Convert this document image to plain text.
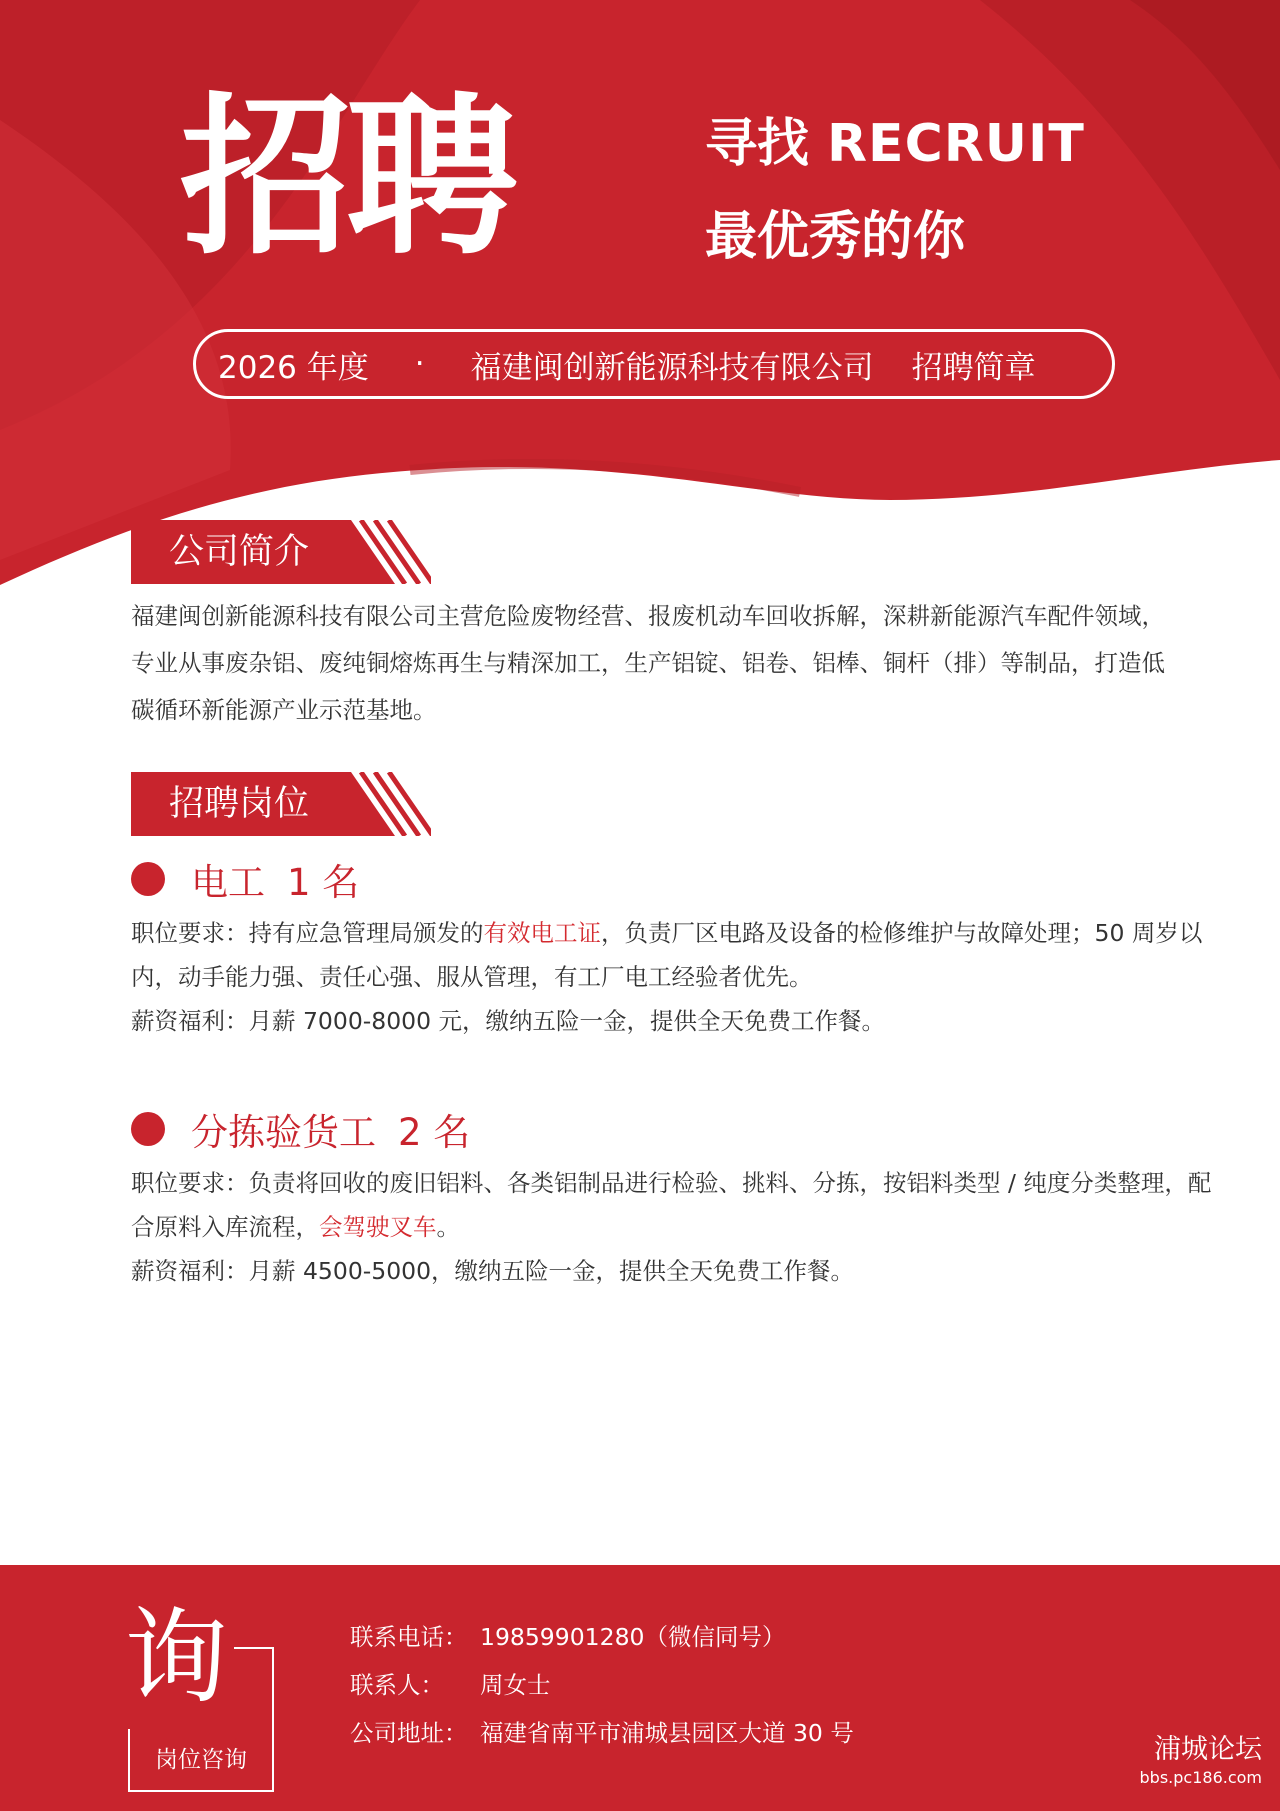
招聘	寻找 RECRUIT
最优秀的你
2026 年度 · 福建闽创新能源科技有限公司 招聘简章
公司简介
福建闽创新能源科技有限公司主营危险废物经营、报废机动车回收拆解，深耕新能源汽车配件领域，专业从事废杂铝、废纯铜熔炼再生与精深加工，生产铝锭、铝卷、铝棒、铜杆（排）等制品，打造低碳循环新能源产业示范基地。
招聘岗位
电工 1 名

职位要求：持有应急管理局颁发的有效电工证，负责厂区电路及设备的检修维护与故障处理；50 周岁以内，动手能力强、责任心强、服从管理，有工厂电工经验者优先。

薪资福利：月薪 7000-8000 元，缴纳五险一金，提供全天免费工作餐。

分拣验货工 2 名

职位要求：负责将回收的废旧铝料、各类铝制品进行检验、挑料、分拣，按铝料类型 / 纯度分类整理，配合原料入库流程，会驾驶叉车。

薪资福利：月薪 4500-5000，缴纳五险一金，提供全天免费工作餐。

询
岗位咨询
联系电话： 19859901280（微信同号）
联系人： 周女士
公司地址： 福建省南平市浦城县园区大道 30 号
浦城论坛
bbs.pc186.com
